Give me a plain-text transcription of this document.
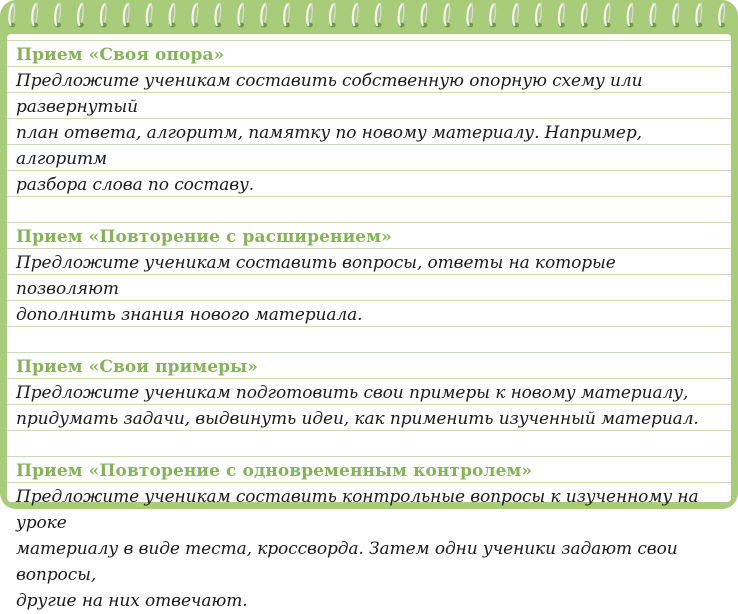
Прием «Своя опора»
Предложите ученикам составить собственную опорную схему или развернутый
план ответа, алгоритм, памятку по новому материалу. Например, алгоритм
разбора слова по составу.
Прием «Повторение с расширением»
Предложите ученикам составить вопросы, ответы на которые позволяют
дополнить знания нового материала.
Прием «Свои примеры»
Предложите ученикам подготовить свои примеры к новому материалу,
придумать задачи, выдвинуть идеи, как применить изученный материал.
Прием «Повторение с одновременным контролем»
Предложите ученикам составить контрольные вопросы к изученному на уроке
материалу в виде теста, кроссворда. Затем одни ученики задают свои вопросы,
другие на них отвечают.
